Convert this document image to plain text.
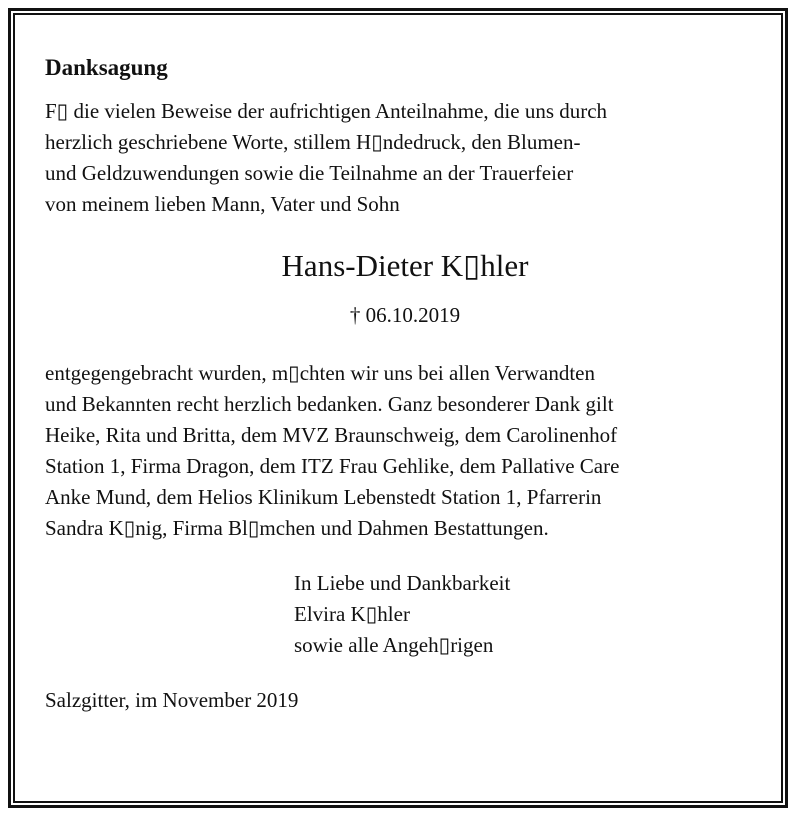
Danksagung
F▯ die vielen Beweise der aufrichtigen Anteilnahme, die uns durch
herzlich geschriebene Worte, stillem H▯ndedruck, den Blumen-
und Geldzuwendungen sowie die Teilnahme an der Trauerfeier
von meinem lieben Mann, Vater und Sohn
Hans-Dieter K▯hler
† 06.10.2019
entgegengebracht wurden, m▯chten wir uns bei allen Verwandten
und Bekannten recht herzlich bedanken. Ganz besonderer Dank gilt
Heike, Rita und Britta, dem MVZ Braunschweig, dem Carolinenhof
Station 1, Firma Dragon, dem ITZ Frau Gehlike, dem Pallative Care
Anke Mund, dem Helios Klinikum Lebenstedt Station 1, Pfarrerin
Sandra K▯nig, Firma Bl▯mchen und Dahmen Bestattungen.
In Liebe und Dankbarkeit
Elvira K▯hler
sowie alle Angeh▯rigen
Salzgitter, im November 2019
